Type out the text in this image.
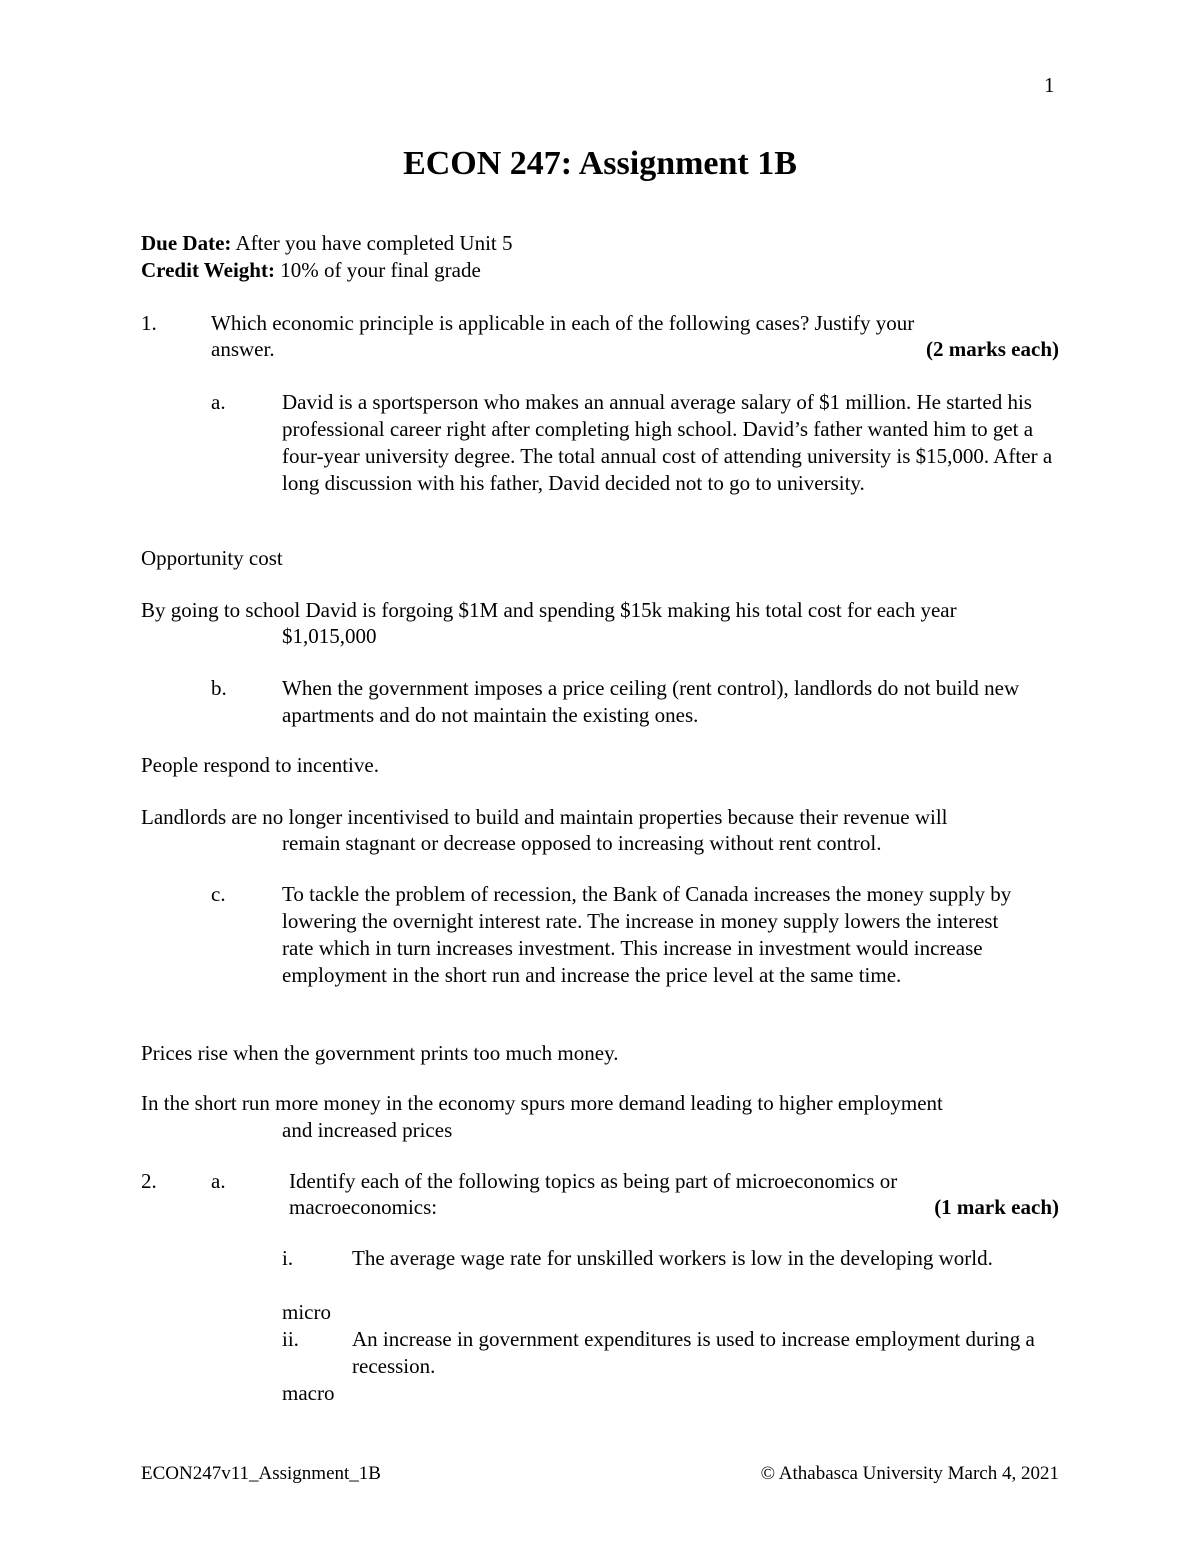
1
ECON 247: Assignment 1B
Due Date: After you have completed Unit 5
Credit Weight: 10% of your final grade
1.	Which economic principle is applicable in each of the following cases? Justify your
answer.	(2 marks each)
a.	David is a sportsperson who makes an annual average salary of $1 million. He started his professional career right after completing high school. David’s father wanted him to get a four-year university degree. The total annual cost of attending university is $15,000. After a long discussion with his father, David decided not to go to university.
Opportunity cost
By going to school David is forgoing $1M and spending $15k making his total cost for each year
$1,015,000
b.	When the government imposes a price ceiling (rent control), landlords do not build new apartments and do not maintain the existing ones.
People respond to incentive.
Landlords are no longer incentivised to build and maintain properties because their revenue will
remain stagnant or decrease opposed to increasing without rent control.
c.	To tackle the problem of recession, the Bank of Canada increases the money supply by lowering the overnight interest rate. The increase in money supply lowers the interest rate which in turn increases investment. This increase in investment would increase employment in the short run and increase the price level at the same time.
Prices rise when the government prints too much money.
In the short run more money in the economy spurs more demand leading to higher employment
and increased prices
2.	a.	Identify each of the following topics as being part of microeconomics or
macroeconomics:	(1 mark each)
i.	The average wage rate for unskilled workers is low in the developing world.
micro
ii.	An increase in government expenditures is used to increase employment during a recession.
macro
ECON247v11_Assignment_1B	© Athabasca University March 4, 2021
